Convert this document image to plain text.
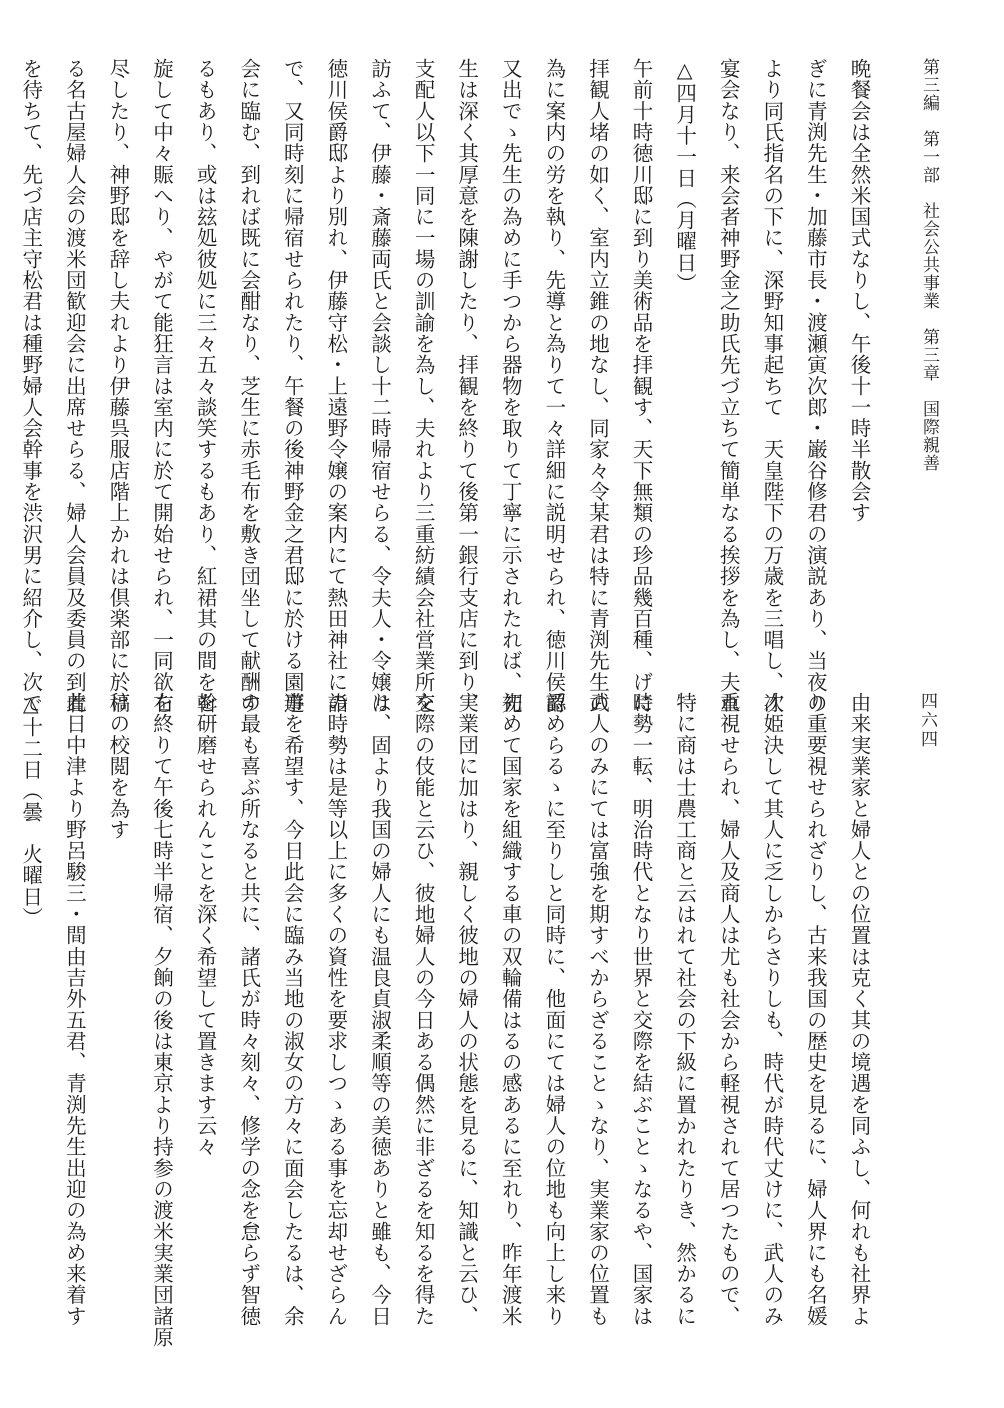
第三編　第一部　社会公共事業　第三章　国際親善
四六四
晩餐会は全然米国式なりし、午後十一時半散会す
ぎに青渕先生・加藤市長・渡瀬寅次郎・巌谷修君の演説あり、当夜の
より同氏指名の下に、深野知事起ちて　天皇陛下の万歳を三唱し、次
宴会なり、来会者神野金之助氏先づ立ちて簡単なる挨拶を為し、夫れ
△四月十一日（月曜日）
午前十時徳川邸に到り美術品を拝観す、天下無類の珍品幾百種、げに
拝観人堵の如く、室内立錐の地なし、同家々令某君は特に青渕先生の
為に案内の労を執り、先導と為りて一々詳細に説明せられ、徳川侯爵
又出でゝ先生の為めに手つから器物を取りて丁寧に示されたれば、先
生は深く其厚意を陳謝したり、拝観を終りて後第一銀行支店に到り、
支配人以下一同に一場の訓諭を為し、夫れより三重紡績会社営業所を
訪ふて、伊藤・斎藤両氏と会談し十二時帰宿せらる、令夫人・令嬢は
徳川侯爵邸より別れ、伊藤守松・上遠野令嬢の案内にて熱田神社に詣
で、又同時刻に帰宿せられたり、午餐の後神野金之君邸に於ける園遊
会に臨む、到れば既に会酣なり、芝生に赤毛布を敷き団坐して献酬す
るもあり、或は玆処彼処に三々五々談笑するもあり、紅裙其の間を斡
旋して中々賑へり、やがて能狂言は室内に於て開始せられ、一同欲を
尽したり、神野邸を辞し夫れより伊藤呉服店階上かれは倶楽部に於け
る名古屋婦人会の渡米団歓迎会に出席せらる、婦人会員及委員の到着
を待ちて、先づ店主守松君は種野婦人会幹事を渋沢男に紹介し、次で
由来実業家と婦人との位置は克く其の境遇を同ふし、何れも社界よ
り重要視せられざりし、古来我国の歴史を見るに、婦人界にも名媛
才姫決して其人に乏しからさりしも、時代が時代丈けに、武人のみ
重視せられ、婦人及商人は尤も社会から軽視されて居つたもので、
特に商は士農工商と云はれて社会の下級に置かれたりき、然かるに
時勢一転、明治時代となり世界と交際を結ぶことゝなるや、国家は
武人のみにては富強を期すべからざることゝなり、実業家の位置も
認めらるゝに至りしと同時に、他面にては婦人の位地も向上し来り
初めて国家を組織する車の双輪備はるの感あるに至れり、昨年渡米
実業団に加はり、親しく彼地の婦人の状態を見るに、知識と云ひ、
交際の伎能と云ひ、彼地婦人の今日ある偶然に非ざるを知るを得た
り、固より我国の婦人にも温良貞淑柔順等の美徳ありと雖も、今日
の時勢は是等以上に多くの資性を要求しつゝある事を忘却せざらん
事を希望す、今日此会に臨み当地の淑女の方々に面会したるは、余
の最も喜ぶ所なると共に、諸氏が時々刻々、修学の念を怠らず智徳
を研磨せられんことを深く希望して置きます云々
右終りて午後七時半帰宿、夕餉の後は東京より持参の渡米実業団諸原
稿の校閲を為す
此日中津より野呂駿三・間由吉外五君、青渕先生出迎の為め来着す
△十二日（曇　火曜日）
